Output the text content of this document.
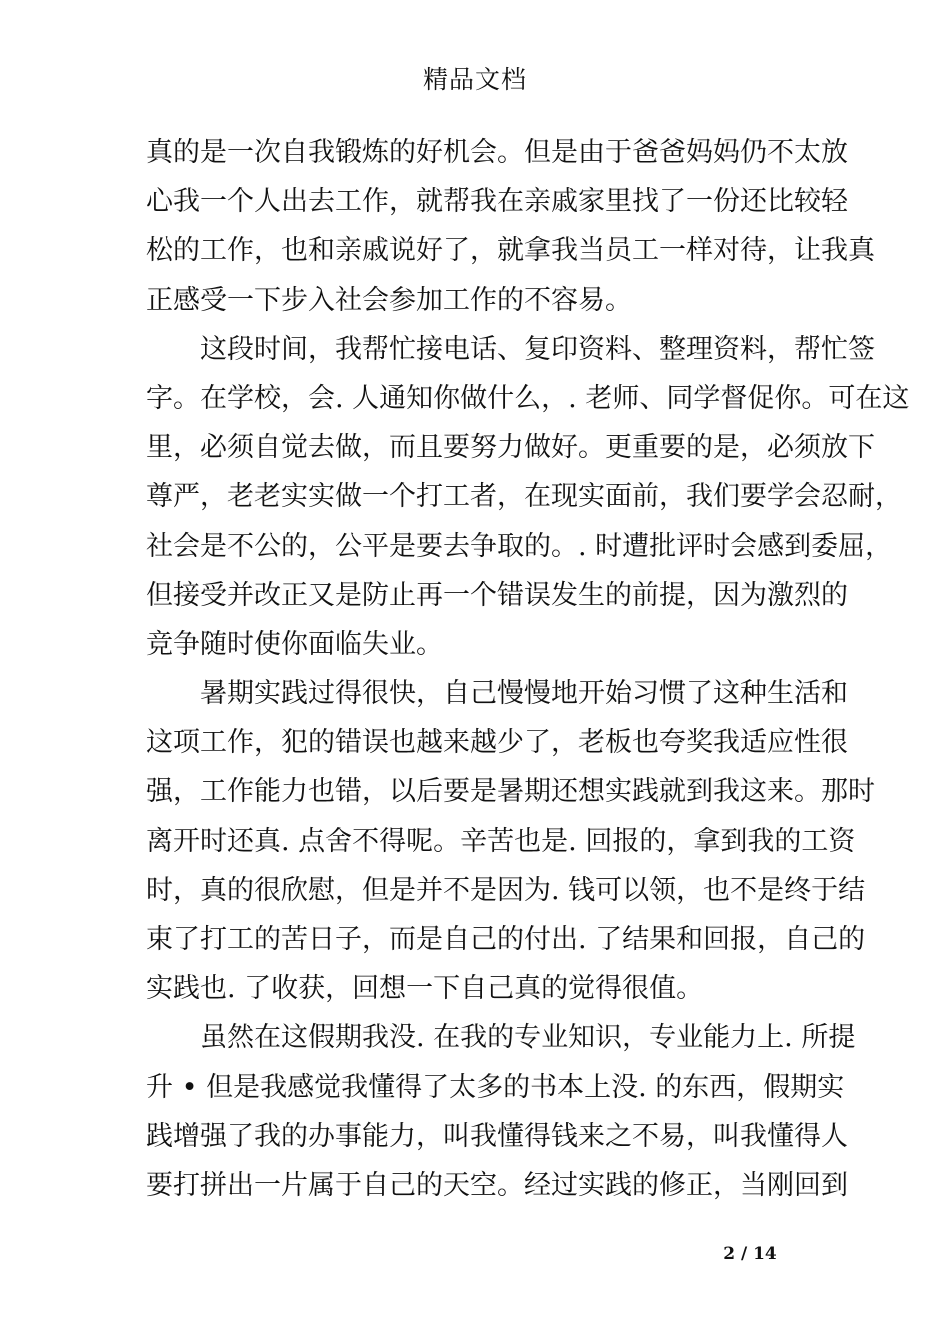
精品文档
真的是一次自我锻炼的好机会。但是由于爸爸妈妈仍不太放
心我一个人出去工作，就帮我在亲戚家里找了一份还比较轻
松的工作，也和亲戚说好了，就拿我当员工一样对待，让我真
正感受一下步入社会参加工作的不容易。
这段时间，我帮忙接电话、复印资料、整理资料，帮忙签
字。在学校，会. 人通知你做什么，. 老师、同学督促你。可在这
里，必须自觉去做，而且要努力做好。更重要的是，必须放下
尊严，老老实实做一个打工者，在现实面前，我们要学会忍耐，
社会是不公的，公平是要去争取的。. 时遭批评时会感到委屈，
但接受并改正又是防止再一个错误发生的前提，因为激烈的
竞争随时使你面临失业。
暑期实践过得很快，自己慢慢地开始习惯了这种生活和
这项工作，犯的错误也越来越少了，老板也夸奖我适应性很
强，工作能力也错，以后要是暑期还想实践就到我这来。那时
离开时还真. 点舍不得呢。辛苦也是. 回报的，拿到我的工资
时，真的很欣慰，但是并不是因为. 钱可以领，也不是终于结
束了打工的苦日子，而是自己的付出. 了结果和回报，自己的
实践也. 了收获，回想一下自己真的觉得很值。
虽然在这假期我没. 在我的专业知识，专业能力上. 所提
升 • 但是我感觉我懂得了太多的书本上没. 的东西，假期实
践增强了我的办事能力，叫我懂得钱来之不易，叫我懂得人
要打拼出一片属于自己的天空。经过实践的修正，当刚回到
2 / 14
